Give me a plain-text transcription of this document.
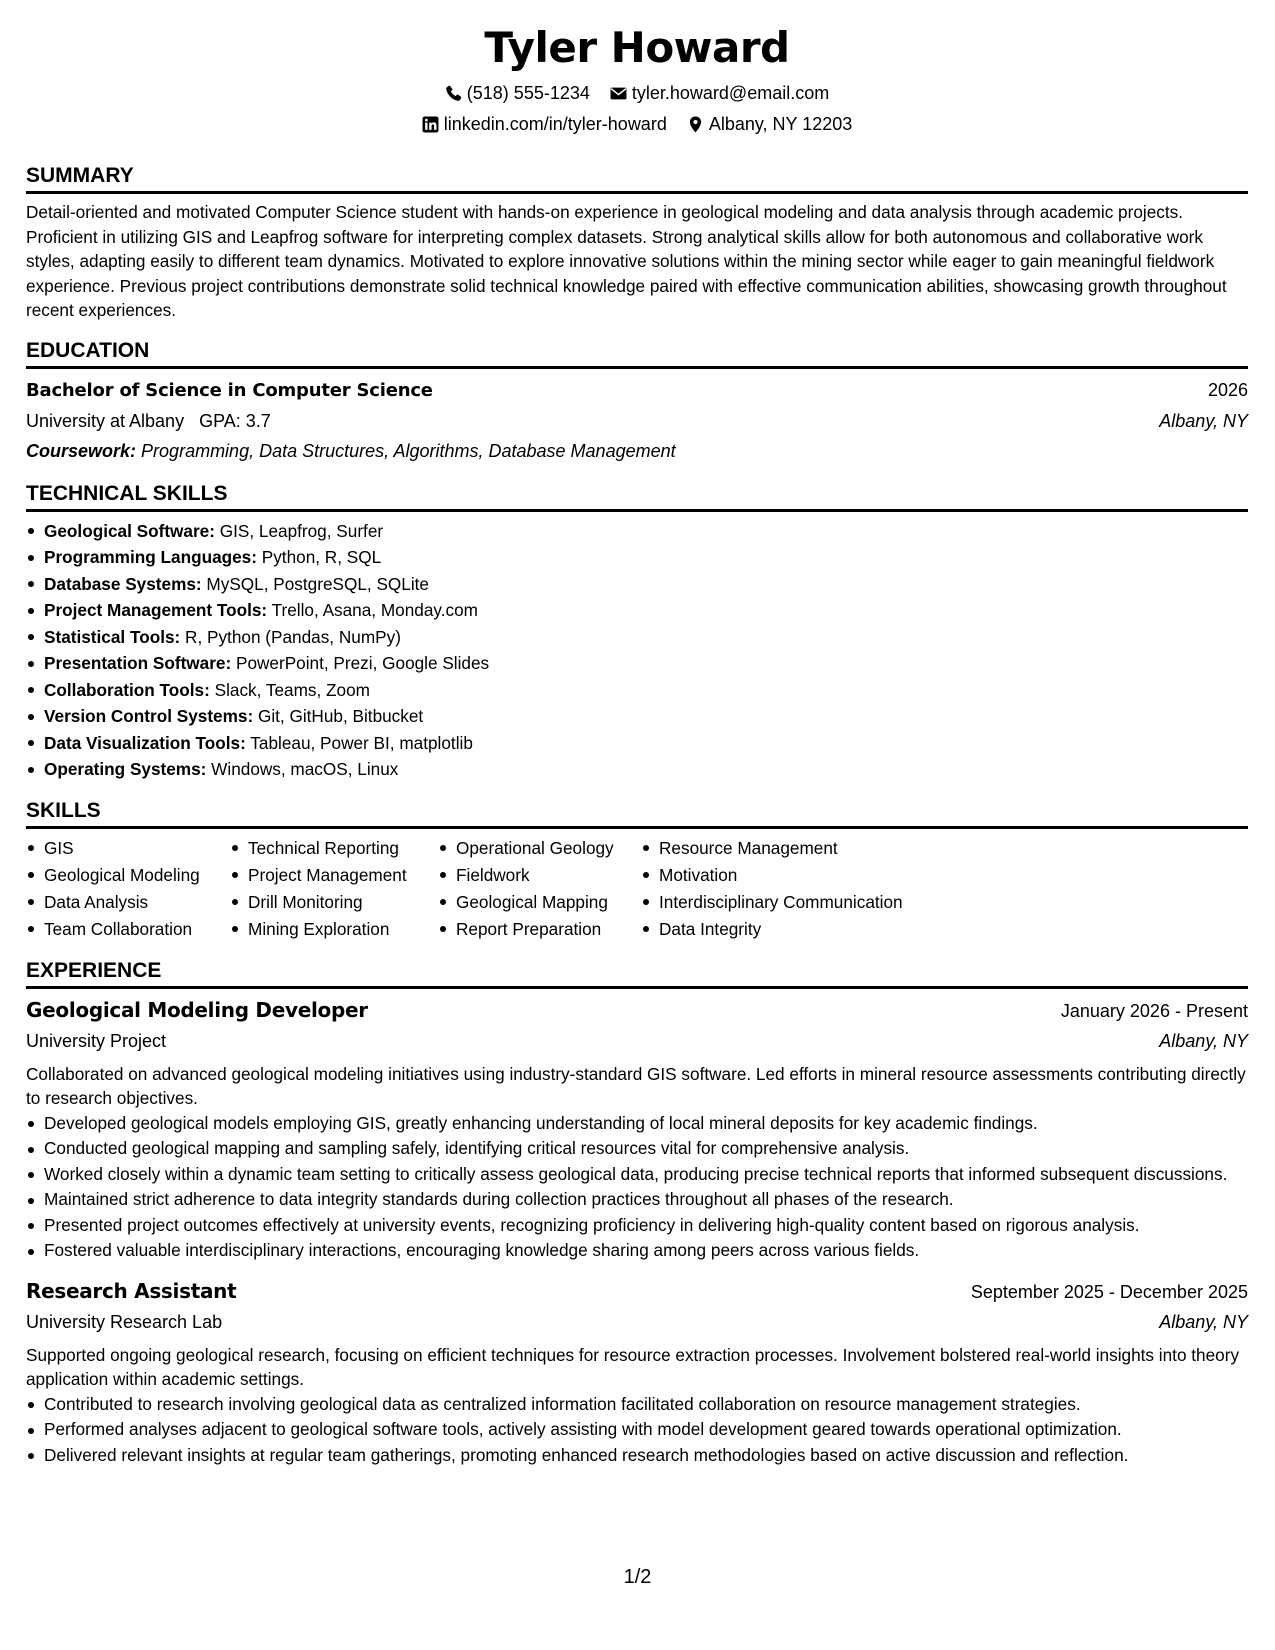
Tyler Howard
(518) 555-1234 tyler.howard@email.com
linkedin.com/in/tyler-howard Albany, NY 12203
SUMMARY

Detail-oriented and motivated Computer Science student with hands-on experience in geological modeling and data analysis through academic projects. Proficient in utilizing GIS and Leapfrog software for interpreting complex datasets. Strong analytical skills allow for both autonomous and collaborative work styles, adapting easily to different team dynamics. Motivated to explore innovative solutions within the mining sector while eager to gain meaningful fieldwork experience. Previous project contributions demonstrate solid technical knowledge paired with effective communication abilities, showcasing growth throughout recent experiences.

EDUCATION
Bachelor of Science in Computer Science	2026
University at Albany GPA: 3.7	Albany, NY
Coursework: Programming, Data Structures, Algorithms, Database Management
TECHNICAL SKILLS
Geological Software: GIS, Leapfrog, Surfer
Programming Languages: Python, R, SQL
Database Systems: MySQL, PostgreSQL, SQLite
Project Management Tools: Trello, Asana, Monday.com
Statistical Tools: R, Python (Pandas, NumPy)
Presentation Software: PowerPoint, Prezi, Google Slides
Collaboration Tools: Slack, Teams, Zoom
Version Control Systems: Git, GitHub, Bitbucket
Data Visualization Tools: Tableau, Power BI, matplotlib
Operating Systems: Windows, macOS, Linux
SKILLS
GIS
Geological Modeling
Data Analysis
Team Collaboration
Technical Reporting
Project Management
Drill Monitoring
Mining Exploration
Operational Geology
Fieldwork
Geological Mapping
Report Preparation
Resource Management
Motivation
Interdisciplinary Communication
Data Integrity
EXPERIENCE
Geological Modeling Developer	January 2026 - Present
University Project	Albany, NY

Collaborated on advanced geological modeling initiatives using industry-standard GIS software. Led efforts in mineral resource assessments contributing directly to research objectives.

Developed geological models employing GIS, greatly enhancing understanding of local mineral deposits for key academic findings.
Conducted geological mapping and sampling safely, identifying critical resources vital for comprehensive analysis.
Worked closely within a dynamic team setting to critically assess geological data, producing precise technical reports that informed subsequent discussions.
Maintained strict adherence to data integrity standards during collection practices throughout all phases of the research.
Presented project outcomes effectively at university events, recognizing proficiency in delivering high-quality content based on rigorous analysis.
Fostered valuable interdisciplinary interactions, encouraging knowledge sharing among peers across various fields.
Research Assistant	September 2025 - December 2025
University Research Lab	Albany, NY

Supported ongoing geological research, focusing on efficient techniques for resource extraction processes. Involvement bolstered real-world insights into theory application within academic settings.

Contributed to research involving geological data as centralized information facilitated collaboration on resource management strategies.
Performed analyses adjacent to geological software tools, actively assisting with model development geared towards operational optimization.
Delivered relevant insights at regular team gatherings, promoting enhanced research methodologies based on active discussion and reflection.
1/2
